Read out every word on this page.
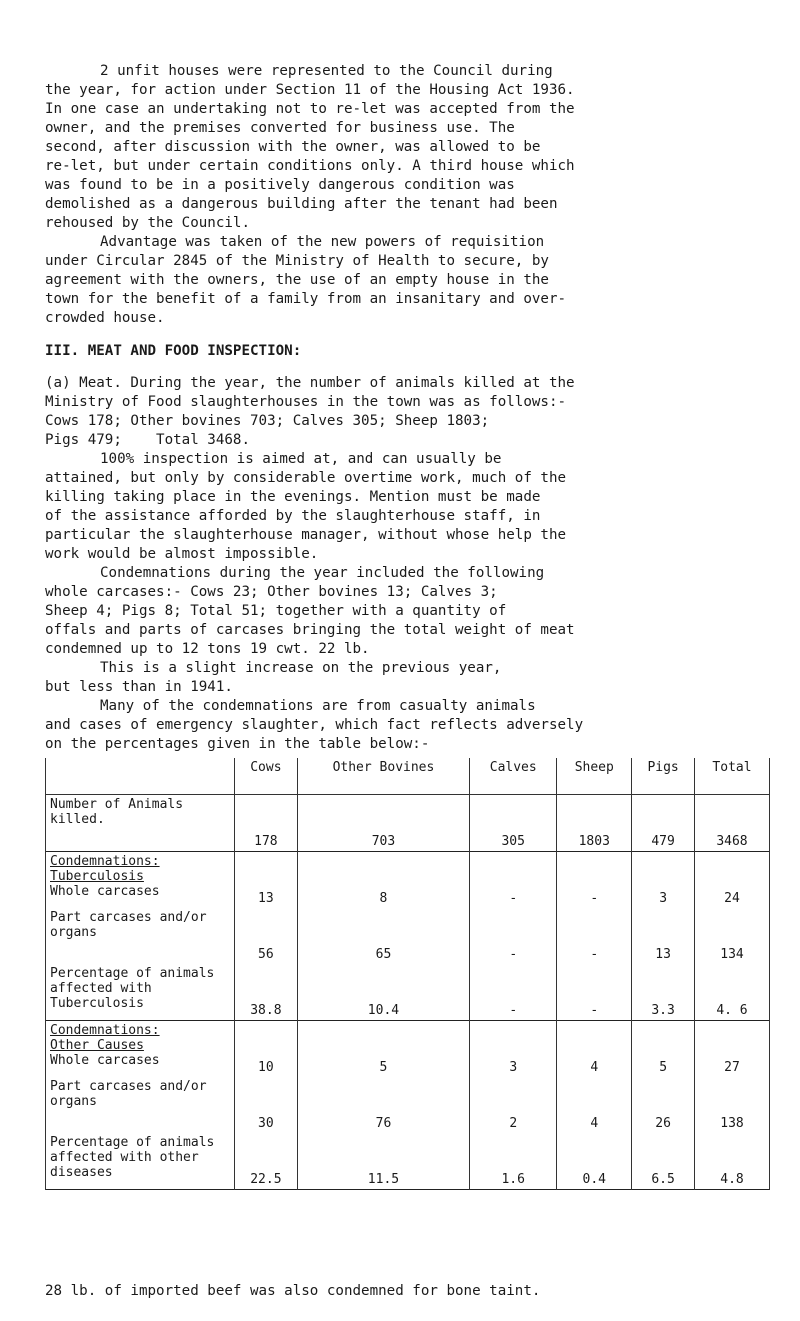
2 unfit houses were represented to the Council during
the year, for action under Section 11 of the Housing Act 1936.
In one case an undertaking not to re-let was accepted from the
owner, and the premises converted for business use. The
second, after discussion with the owner, was allowed to be
re-let, but under certain conditions only. A third house which
was found to be in a positively dangerous condition was
demolished as a dangerous building after the tenant had been
rehoused by the Council.
Advantage was taken of the new powers of requisition
under Circular 2845 of the Ministry of Health to secure, by
agreement with the owners, the use of an empty house in the
town for the benefit of a family from an insanitary and over-
crowded house.
III. MEAT AND FOOD INSPECTION:
(a) Meat. During the year, the number of animals killed at the
Ministry of Food slaughterhouses in the town was as follows:-
Cows 178; Other bovines 703; Calves 305; Sheep 1803;
Pigs 479;    Total 3468.
100% inspection is aimed at, and can usually be
attained, but only by considerable overtime work, much of the
killing taking place in the evenings. Mention must be made
of the assistance afforded by the slaughterhouse staff, in
particular the slaughterhouse manager, without whose help the
work would be almost impossible.
Condemnations during the year included the following
whole carcases:- Cows 23; Other bovines 13; Calves 3;
Sheep 4; Pigs 8; Total 51; together with a quantity of
offals and parts of carcases bringing the total weight of meat
condemned up to 12 tons 19 cwt. 22 lb.
This is a slight increase on the previous year,
but less than in 1941.
Many of the condemnations are from casualty animals
and cases of emergency slaughter, which fact reflects adversely
on the percentages given in the table below:-
	Cows	Other Bovines	Calves	Sheep	Pigs	Total
Number of Animals killed.	178	703	305	1803	479	3468

Condemnations:
Tuberculosis
Whole carcases	13	8	-	-	3	24
Part carcases and/or organs	56	65	-	-	13	134
Percentage of animals affected with Tuberculosis	38.8	10.4	-	-	3.3	4. 6

Condemnations:
Other Causes
Whole carcases	10	5	3	4	5	27
Part carcases and/or organs	30	76	2	4	26	138
Percentage of animals affected with other diseases	22.5	11.5	1.6	0.4	6.5	4.8
28 lb. of imported beef was also condemned for bone taint.
